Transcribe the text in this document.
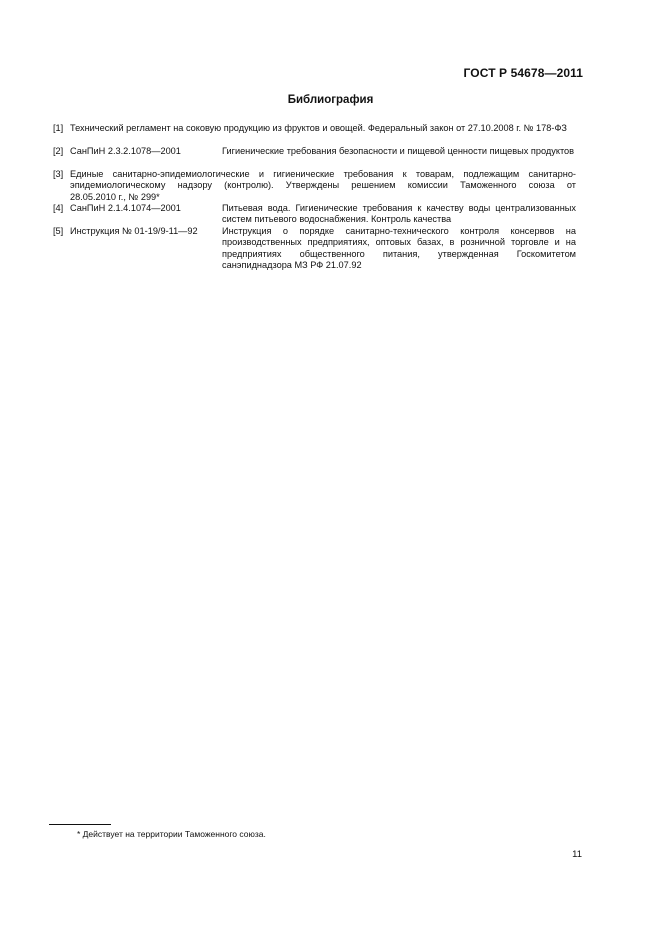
ГОСТ Р 54678—2011
Библиография
[1] Технический регламент на соковую продукцию из фруктов и овощей. Федеральный закон от 27.10.2008 г. № 178-ФЗ
[2] СанПиН 2.3.2.1078—2001	Гигиенические требования безопасности и пищевой ценности пищевых продуктов
[3] Единые санитарно-эпидемиологические и гигиенические требования к товарам, подлежащим санитарно-
эпидемиологическому надзору (контролю). Утверждены решением комиссии Таможенного союза от
28.05.2010 г., № 299*
[4] СанПиН 2.1.4.1074—2001	Питьевая вода. Гигиенические требования к качеству воды централизованных систем питьевого водоснабжения. Контроль качества
[5] Инструкция № 01-19/9-11—92	Инструкция о порядке санитарно-технического контроля консервов на производственных предприятиях, оптовых базах, в розничной торговле и на предприятиях общественного питания, утвержденная Госкомитетом санэпиднадзора МЗ РФ 21.07.92
* Действует на территории Таможенного союза.
11
